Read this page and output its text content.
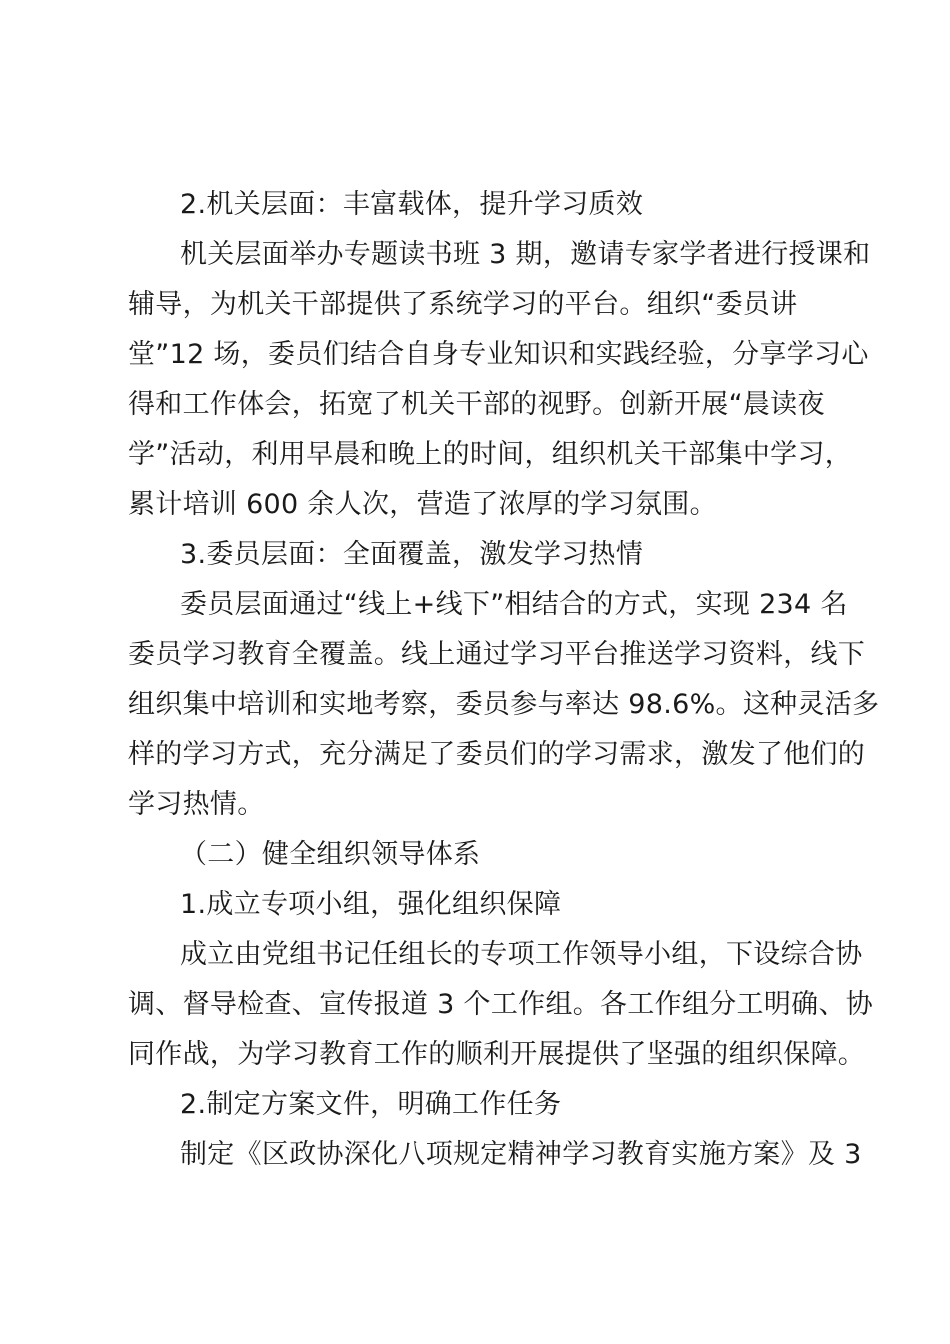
2.机关层面：丰富载体，提升学习质效
机关层面举办专题读书班 3 期，邀请专家学者进行授课和
辅导，为机关干部提供了系统学习的平台。组织“委员讲
堂”12 场，委员们结合自身专业知识和实践经验，分享学习心
得和工作体会，拓宽了机关干部的视野。创新开展“晨读夜
学”活动，利用早晨和晚上的时间，组织机关干部集中学习，
累计培训 600 余人次，营造了浓厚的学习氛围。
3.委员层面：全面覆盖，激发学习热情
委员层面通过“线上+线下”相结合的方式，实现 234 名
委员学习教育全覆盖。线上通过学习平台推送学习资料，线下
组织集中培训和实地考察，委员参与率达 98.6%。这种灵活多
样的学习方式，充分满足了委员们的学习需求，激发了他们的
学习热情。
（二）健全组织领导体系
1.成立专项小组，强化组织保障
成立由党组书记任组长的专项工作领导小组，下设综合协
调、督导检查、宣传报道 3 个工作组。各工作组分工明确、协
同作战，为学习教育工作的顺利开展提供了坚强的组织保障。
2.制定方案文件，明确工作任务
制定《区政协深化八项规定精神学习教育实施方案》及 3
